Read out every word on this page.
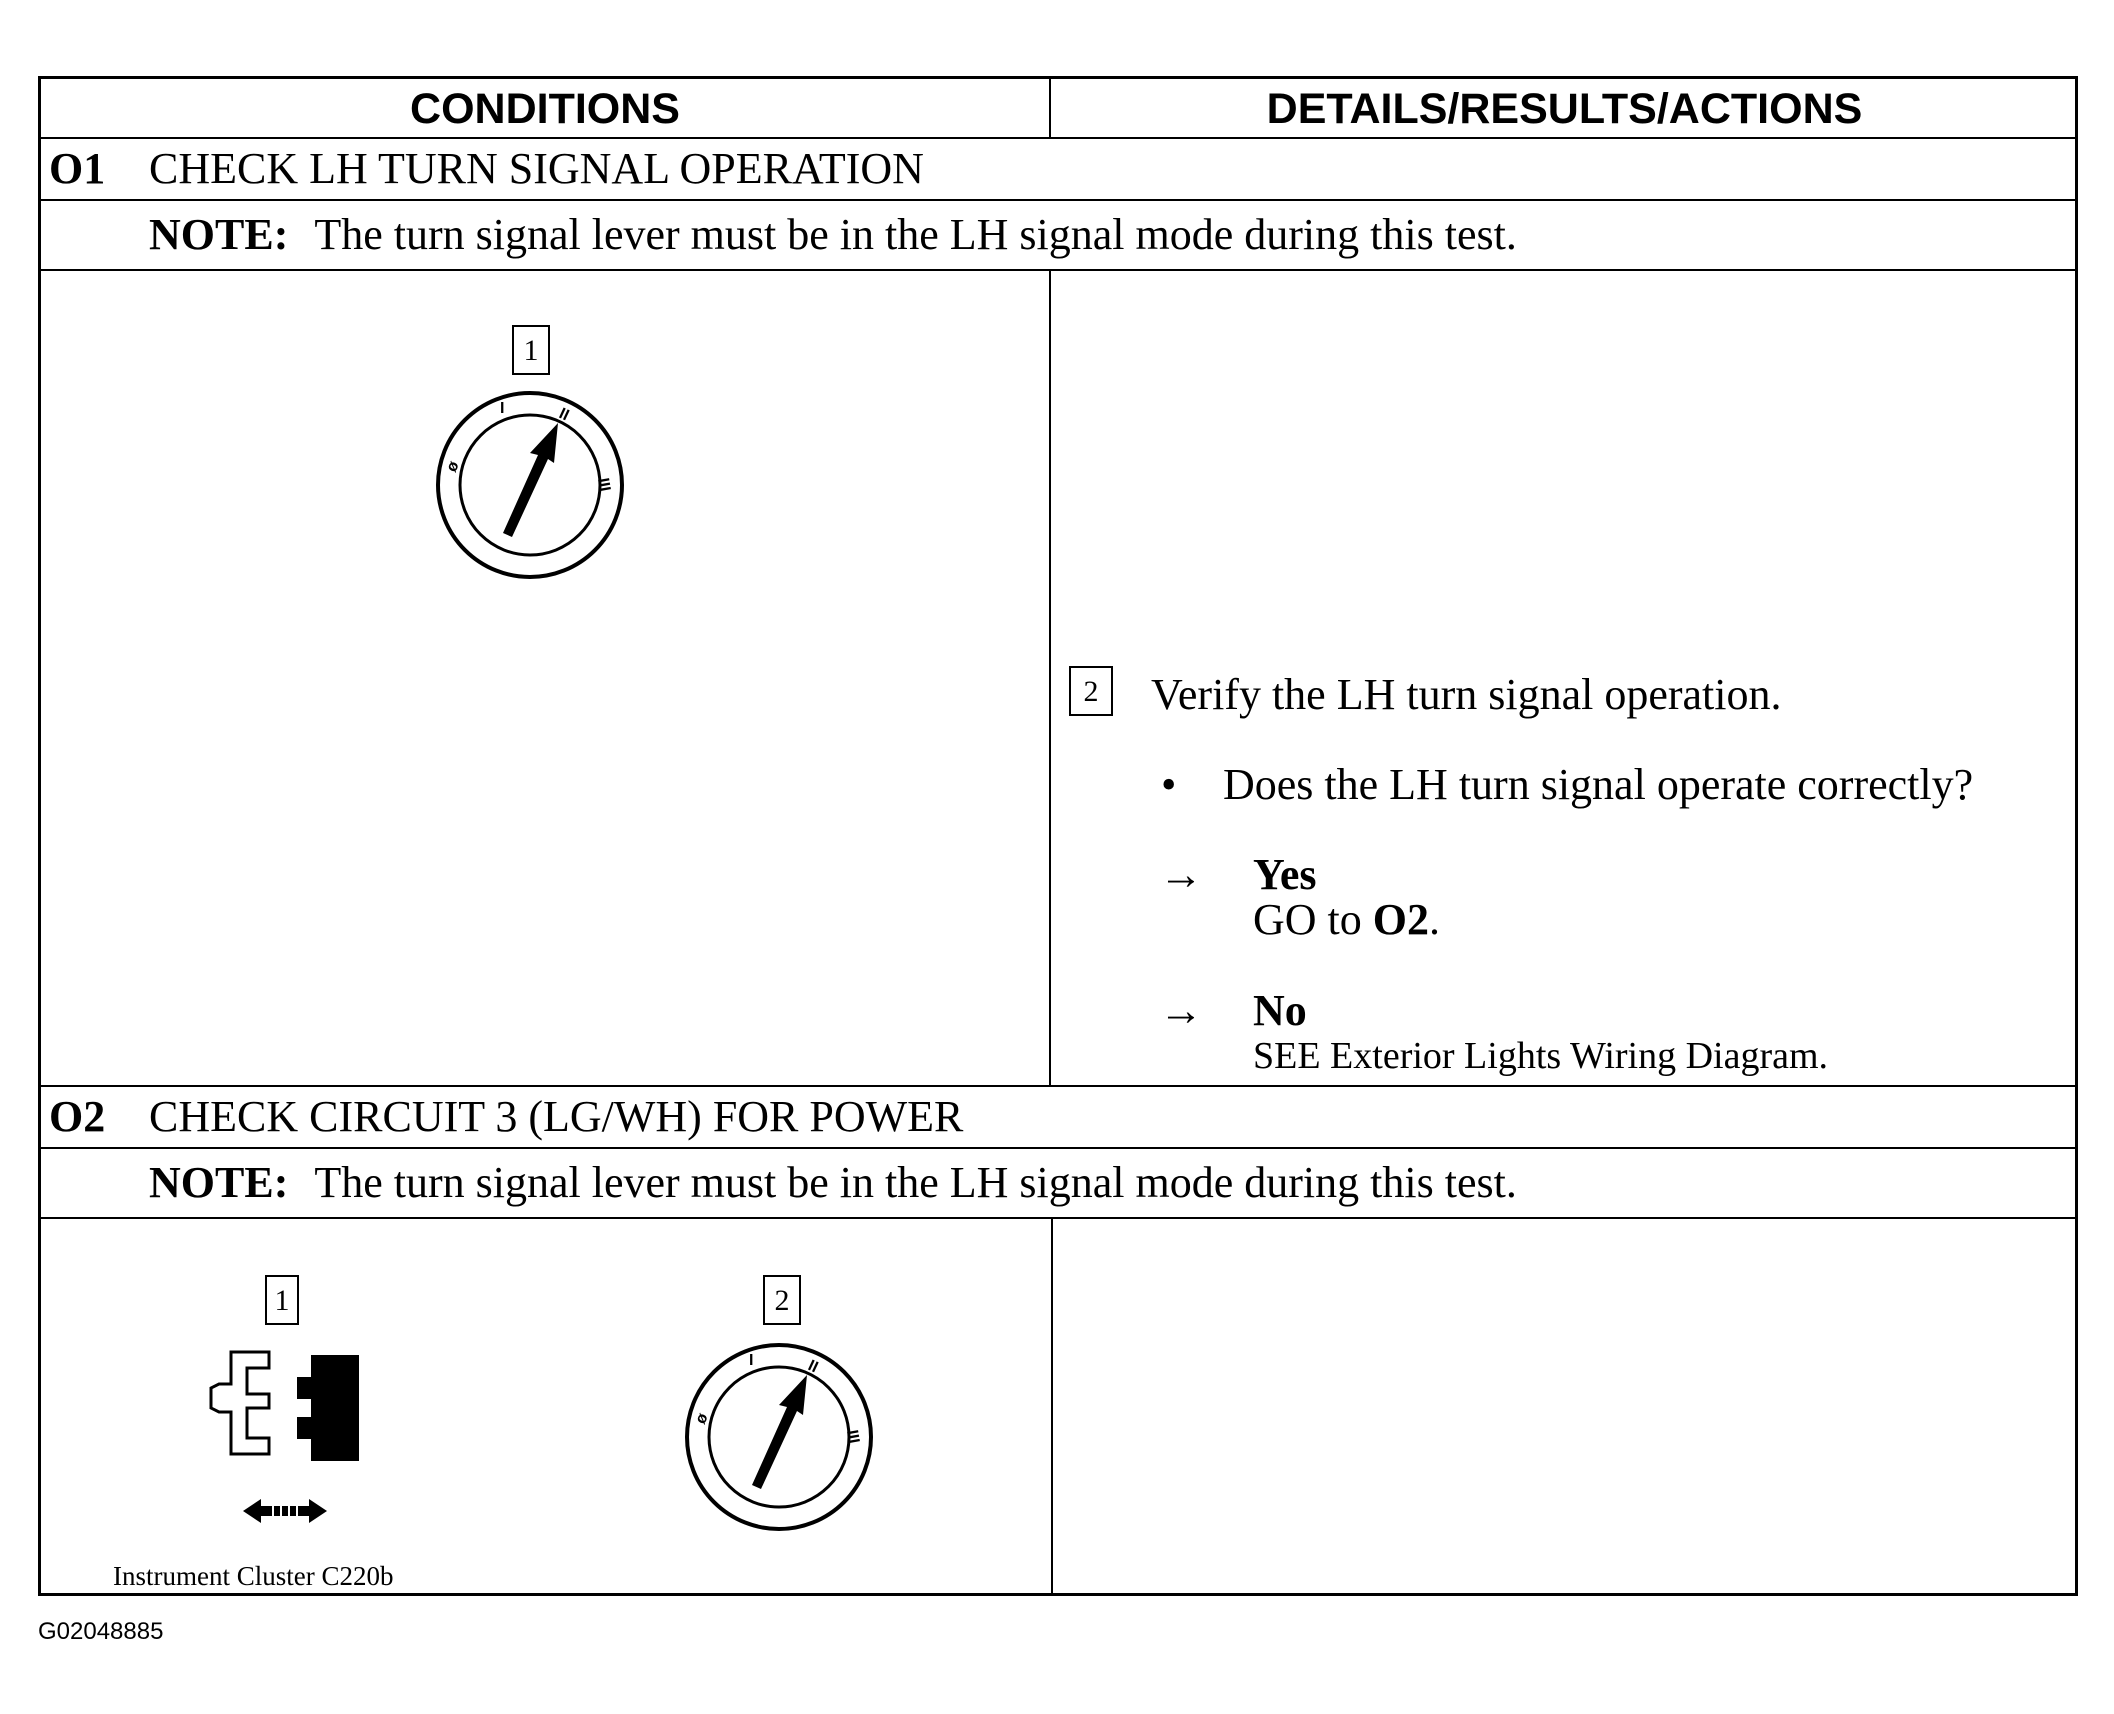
CONDITIONS	DETAILS/RESULTS/ACTIONS
O1 CHECK LH TURN SIGNAL OPERATION
NOTE: The turn signal lever must be in the LH signal mode during this test.
1
ø
I	II
III
2	Verify the LH turn signal operation.
• Does the LH turn signal operate correctly?
→ Yes
GO to O2.
→ No
SEE Exterior Lights Wiring Diagram.
O2 CHECK CIRCUIT 3 (LG/WH) FOR POWER
NOTE: The turn signal lever must be in the LH signal mode during this test.
1
Instrument Cluster C220b
2
ø
I	II
III
G02048885
